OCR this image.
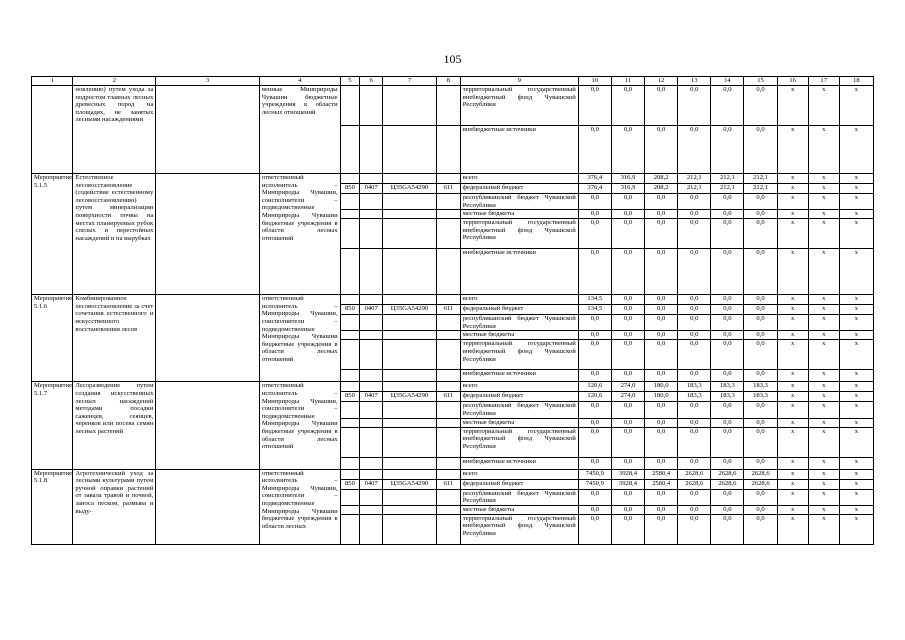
105
1	2	3	4	5	6	7	8	9	10	11	12	13	14	15	16	17	18
	новлению) путем ухода за подростом главных лесных древесных пород на площадях, не занятых лесными насаждениями		венные Минприроды Чувашии бюджетные учреждения в области лесных отношений					территориальный государственный внебюджетный фонд Чувашской Республики	0,0	0,0	0,0	0,0	0,0	0,0	x	x	x
								внебюджетные источники	0,0	0,0	0,0	0,0	0,0	0,0	x	x	x
Мероприятие 5.1.5	Естественное лесовосстановление (содействие естественному лесовосстановлению) путем минерализации поверхности почвы на местах планируемых рубок спелых и перестойных насаждений и на вырубках		ответственный исполнитель – Минприроды Чувашии, соисполнители – подведомственные Минприроды Чувашии бюджетные учреждения в области лесных отношений					всего	376,4	316,9	208,2	212,1	212,1	212,1	x	x	x
				850	0407	Ц35GA54290	611	федеральный бюджет	376,4	316,9	208,2	212,1	212,1	212,1	x	x	x
								республиканский бюджет Чувашской Республики	0,0	0,0	0,0	0,0	0,0	0,0	x	x	x
								местные бюджеты	0,0	0,0	0,0	0,0	0,0	0,0	x	x	x
								территориальный государственный внебюджетный фонд Чувашской Республики	0,0	0,0	0,0	0,0	0,0	0,0	x	x	x
								внебюджетные источники	0,0	0,0	0,0	0,0	0,0	0,0	x	x	x
Мероприятие 5.1.6	Комбинированное лесовосстановление за счет сочетания естественного и искусственного восстановления лесов		ответственный исполнитель – Минприроды Чувашии, соисполнители – подведомственные Минприроды Чувашии бюджетные учреждения в области лесных отношений					всего	134,5	0,0	0,0	0,0	0,0	0,0	x	x	x
				850	0407	Ц35GA54290	611	федеральный бюджет	134,5	0,0	0,0	0,0	0,0	0,0	x	x	x
								республиканский бюджет Чувашской Республики	0,0	0,0	0,0	0,0	0,0	0,0	x	x	x
								местные бюджеты	0,0	0,0	0,0	0,0	0,0	0,0	x	x	x
								территориальный государственный внебюджетный фонд Чувашской Республики	0,0	0,0	0,0	0,0	0,0	0,0	x	x	x
								внебюджетные источники	0,0	0,0	0,0	0,0	0,0	0,0	x	x	x
Мероприятие 5.1.7	Лесоразведение путем создания искусственных лесных насаждений методами посадки саженцев, сеянцев, черенков или посева семян лесных растений		ответственный исполнитель – Минприроды Чувашии, соисполнители – подведомственные Минприроды Чувашии бюджетные учреждения в области лесных отношений					всего	120,6	274,0	180,0	183,3	183,3	183,3	x	x	x
				850	0407	Ц35GA54290	611	федеральный бюджет	120,6	274,0	180,0	183,3	183,3	183,3	x	x	x
								республиканский бюджет Чувашской Республики	0,0	0,0	0,0	0,0	0,0	0,0	x	x	x
								местные бюджеты	0,0	0,0	0,0	0,0	0,0	0,0	x	x	x
								территориальный государственный внебюджетный фонд Чувашской Республики	0,0	0,0	0,0	0,0	0,0	0,0	x	x	x
								внебюджетные источники	0,0	0,0	0,0	0,0	0,0	0,0	x	x	x
Мероприятие 5.1.8	Агротехнический уход за лесными культурами путем ручной оправки растений от завала травой и почвой, заноса песком, размыва и выду-		ответственный исполнитель – Минприроды Чувашии, соисполнители – подведомственные Минприроды Чувашии бюджетные учреждения в области лесных					всего	7450,9	3928,4	2580,4	2628,6	2628,6	2628,6	x	x	x
				850	0407	Ц35GA54290	611	федеральный бюджет	7450,9	3928,4	2580,4	2628,6	2628,6	2628,6	x	x	x
								республиканский бюджет Чувашской Республики	0,0	0,0	0,0	0,0	0,0	0,0	x	x	x
								местные бюджеты	0,0	0,0	0,0	0,0	0,0	0,0	x	x	x
								территориальный государственный внебюджетный фонд Чувашской Республики	0,0	0,0	0,0	0,0	0,0	0,0	x	x	x
